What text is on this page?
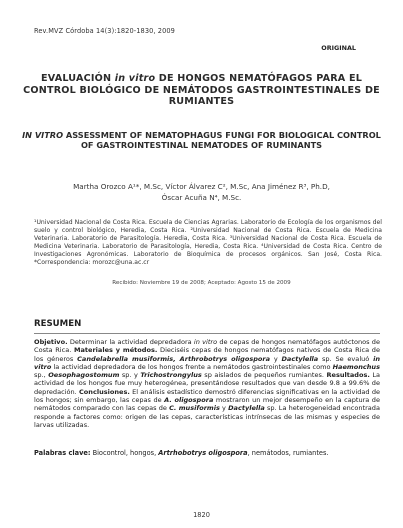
Rev.MVZ Córdoba 14(3):1820-1830, 2009
ORIGINAL
EVALUACIÓN in vitro DE HONGOS NEMATÓFAGOS PARA EL CONTROL BIOLÓGICO DE NEMÁTODOS GASTROINTESTINALES DE RUMIANTES
IN VITRO ASSESSMENT OF NEMATOPHAGUS FUNGI FOR BIOLOGICAL CONTROL OF GASTROINTESTINAL NEMATODES OF RUMINANTS
Martha Orozco A¹*, M.Sc, Víctor Álvarez C², M.Sc, Ana Jiménez R³, Ph.D,
Óscar Acuña N⁴, M.Sc.
¹Universidad Nacional de Costa Rica. Escuela de Ciencias Agrarias. Laboratorio de Ecología de los organismos del suelo y control biológico, Heredia, Costa Rica. ²Universidad Nacional de Costa Rica. Escuela de Medicina Veterinaria. Laboratorio de Parasitología. Heredia, Costa Rica. ³Universidad Nacional de Costa Rica. Escuela de Medicina Veterinaria. Laboratorio de Parasitología, Heredia, Costa Rica. ⁴Universidad de Costa Rica. Centro de Investigaciones Agronómicas. Laboratorio de Bioquímica de procesos orgánicos. San José, Costa Rica. *Correspondencia: morozc@una.ac.cr
Recibido: Noviembre 19 de 2008; Aceptado: Agosto 15 de 2009
RESUMEN

Objetivo. Determinar la actividad depredadora in vitro de cepas de hongos nematófagos autóctonos de Costa Rica. Materiales y métodos. Dieciséis cepas de hongos nematófagos nativos de Costa Rica de los géneros Candelabrella musiformis, Arthrobotrys oligospora y Dactylella sp. Se evaluó in vitro la actividad depredadora de los hongos frente a nemátodos gastrointestinales como Haemonchus sp., Oesophagostomum sp. y Trichostrongylus sp aislados de pequeños rumiantes. Resultados. La actividad de los hongos fue muy heterogénea, presentándose resultados que van desde 9.8 a 99.6% de depredación. Conclusiones. El análisis estadístico demostró diferencias significativas en la actividad de los hongos; sin embargo, las cepas de A. oligospora mostraron un mejor desempeño en la captura de nemátodos comparado con las cepas de C. musiformis y Dactylella sp. La heterogeneidad encontrada responde a factores como: origen de las cepas, características intrínsecas de las mismas y especies de larvas utilizadas.

Palabras clave: Biocontrol, hongos, Artrhobotrys oligospora, nemátodos, rumiantes.
1820
